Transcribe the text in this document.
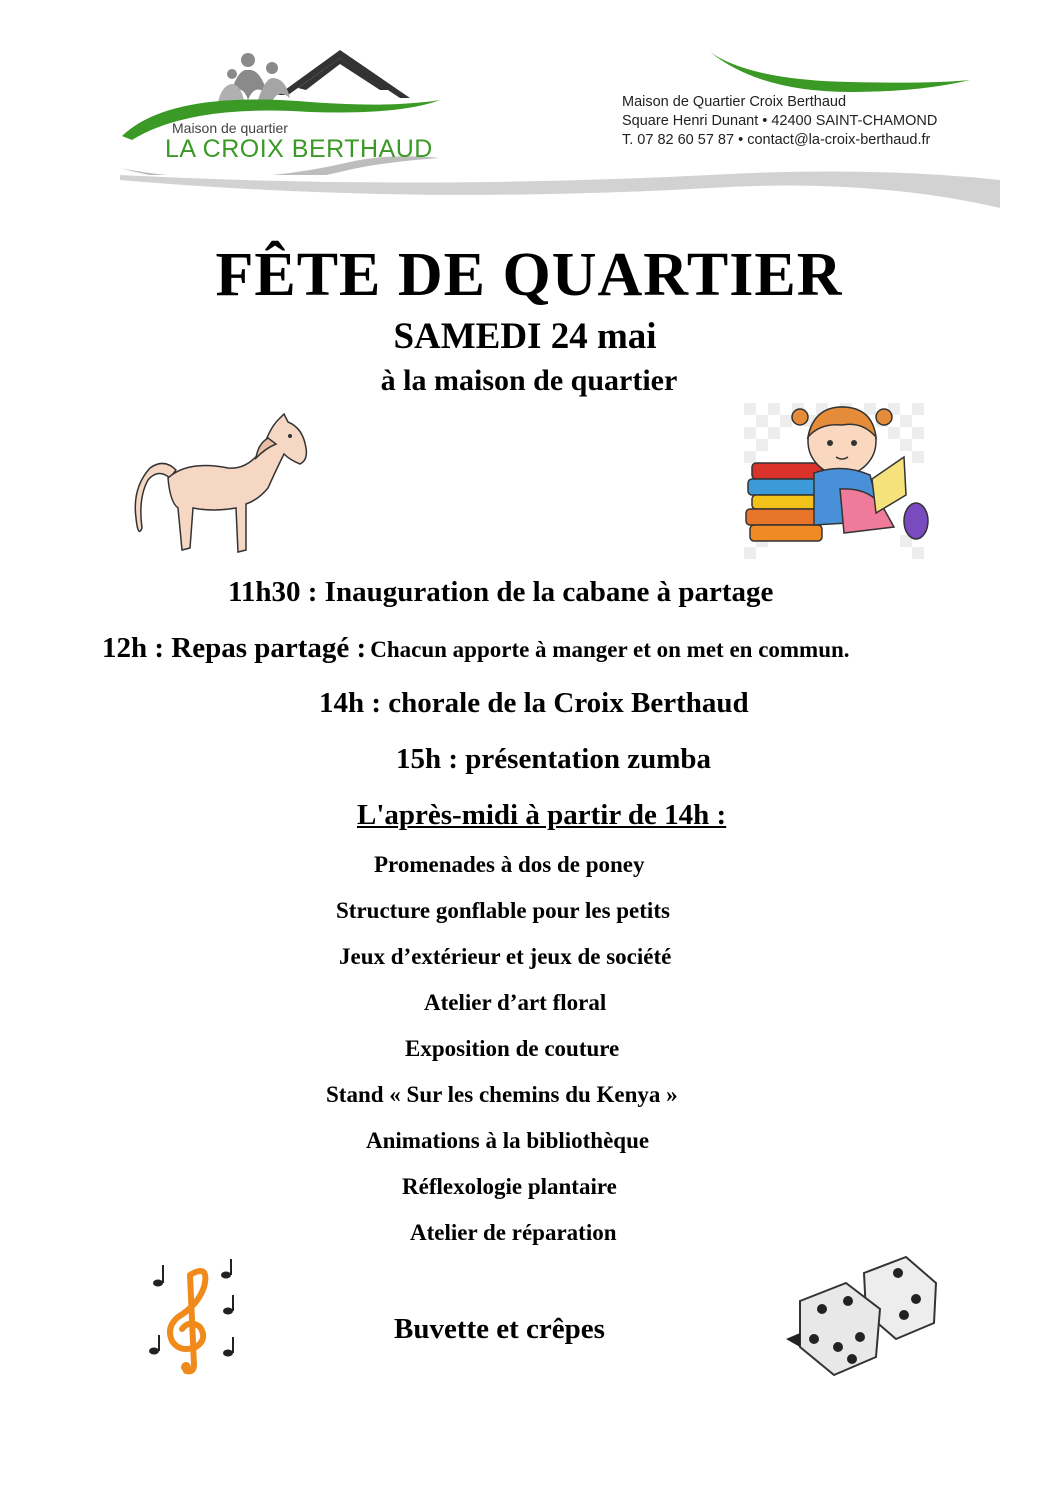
Maison de quartier
LA CROIX BERTHAUD
Maison de Quartier Croix Berthaud
Square Henri Dunant • 42400 SAINT-CHAMOND
T. 07 82 60 57 87 • contact@la-croix-berthaud.fr
FÊTE DE QUARTIER
SAMEDI 24 mai
à la maison de quartier
11h30 : Inauguration de la cabane à partage
12h : Repas partagé : Chacun apporte à manger et on met en commun.
14h : chorale de la Croix Berthaud
15h : présentation zumba
L'après-midi à partir de 14h :
Promenades à dos de poney
Structure gonflable pour les petits
Jeux d’extérieur et jeux de société
Atelier d’art floral
Exposition de couture
Stand « Sur les chemins du Kenya »
Animations à la bibliothèque
Réflexologie plantaire
Atelier de réparation
Buvette et crêpes
